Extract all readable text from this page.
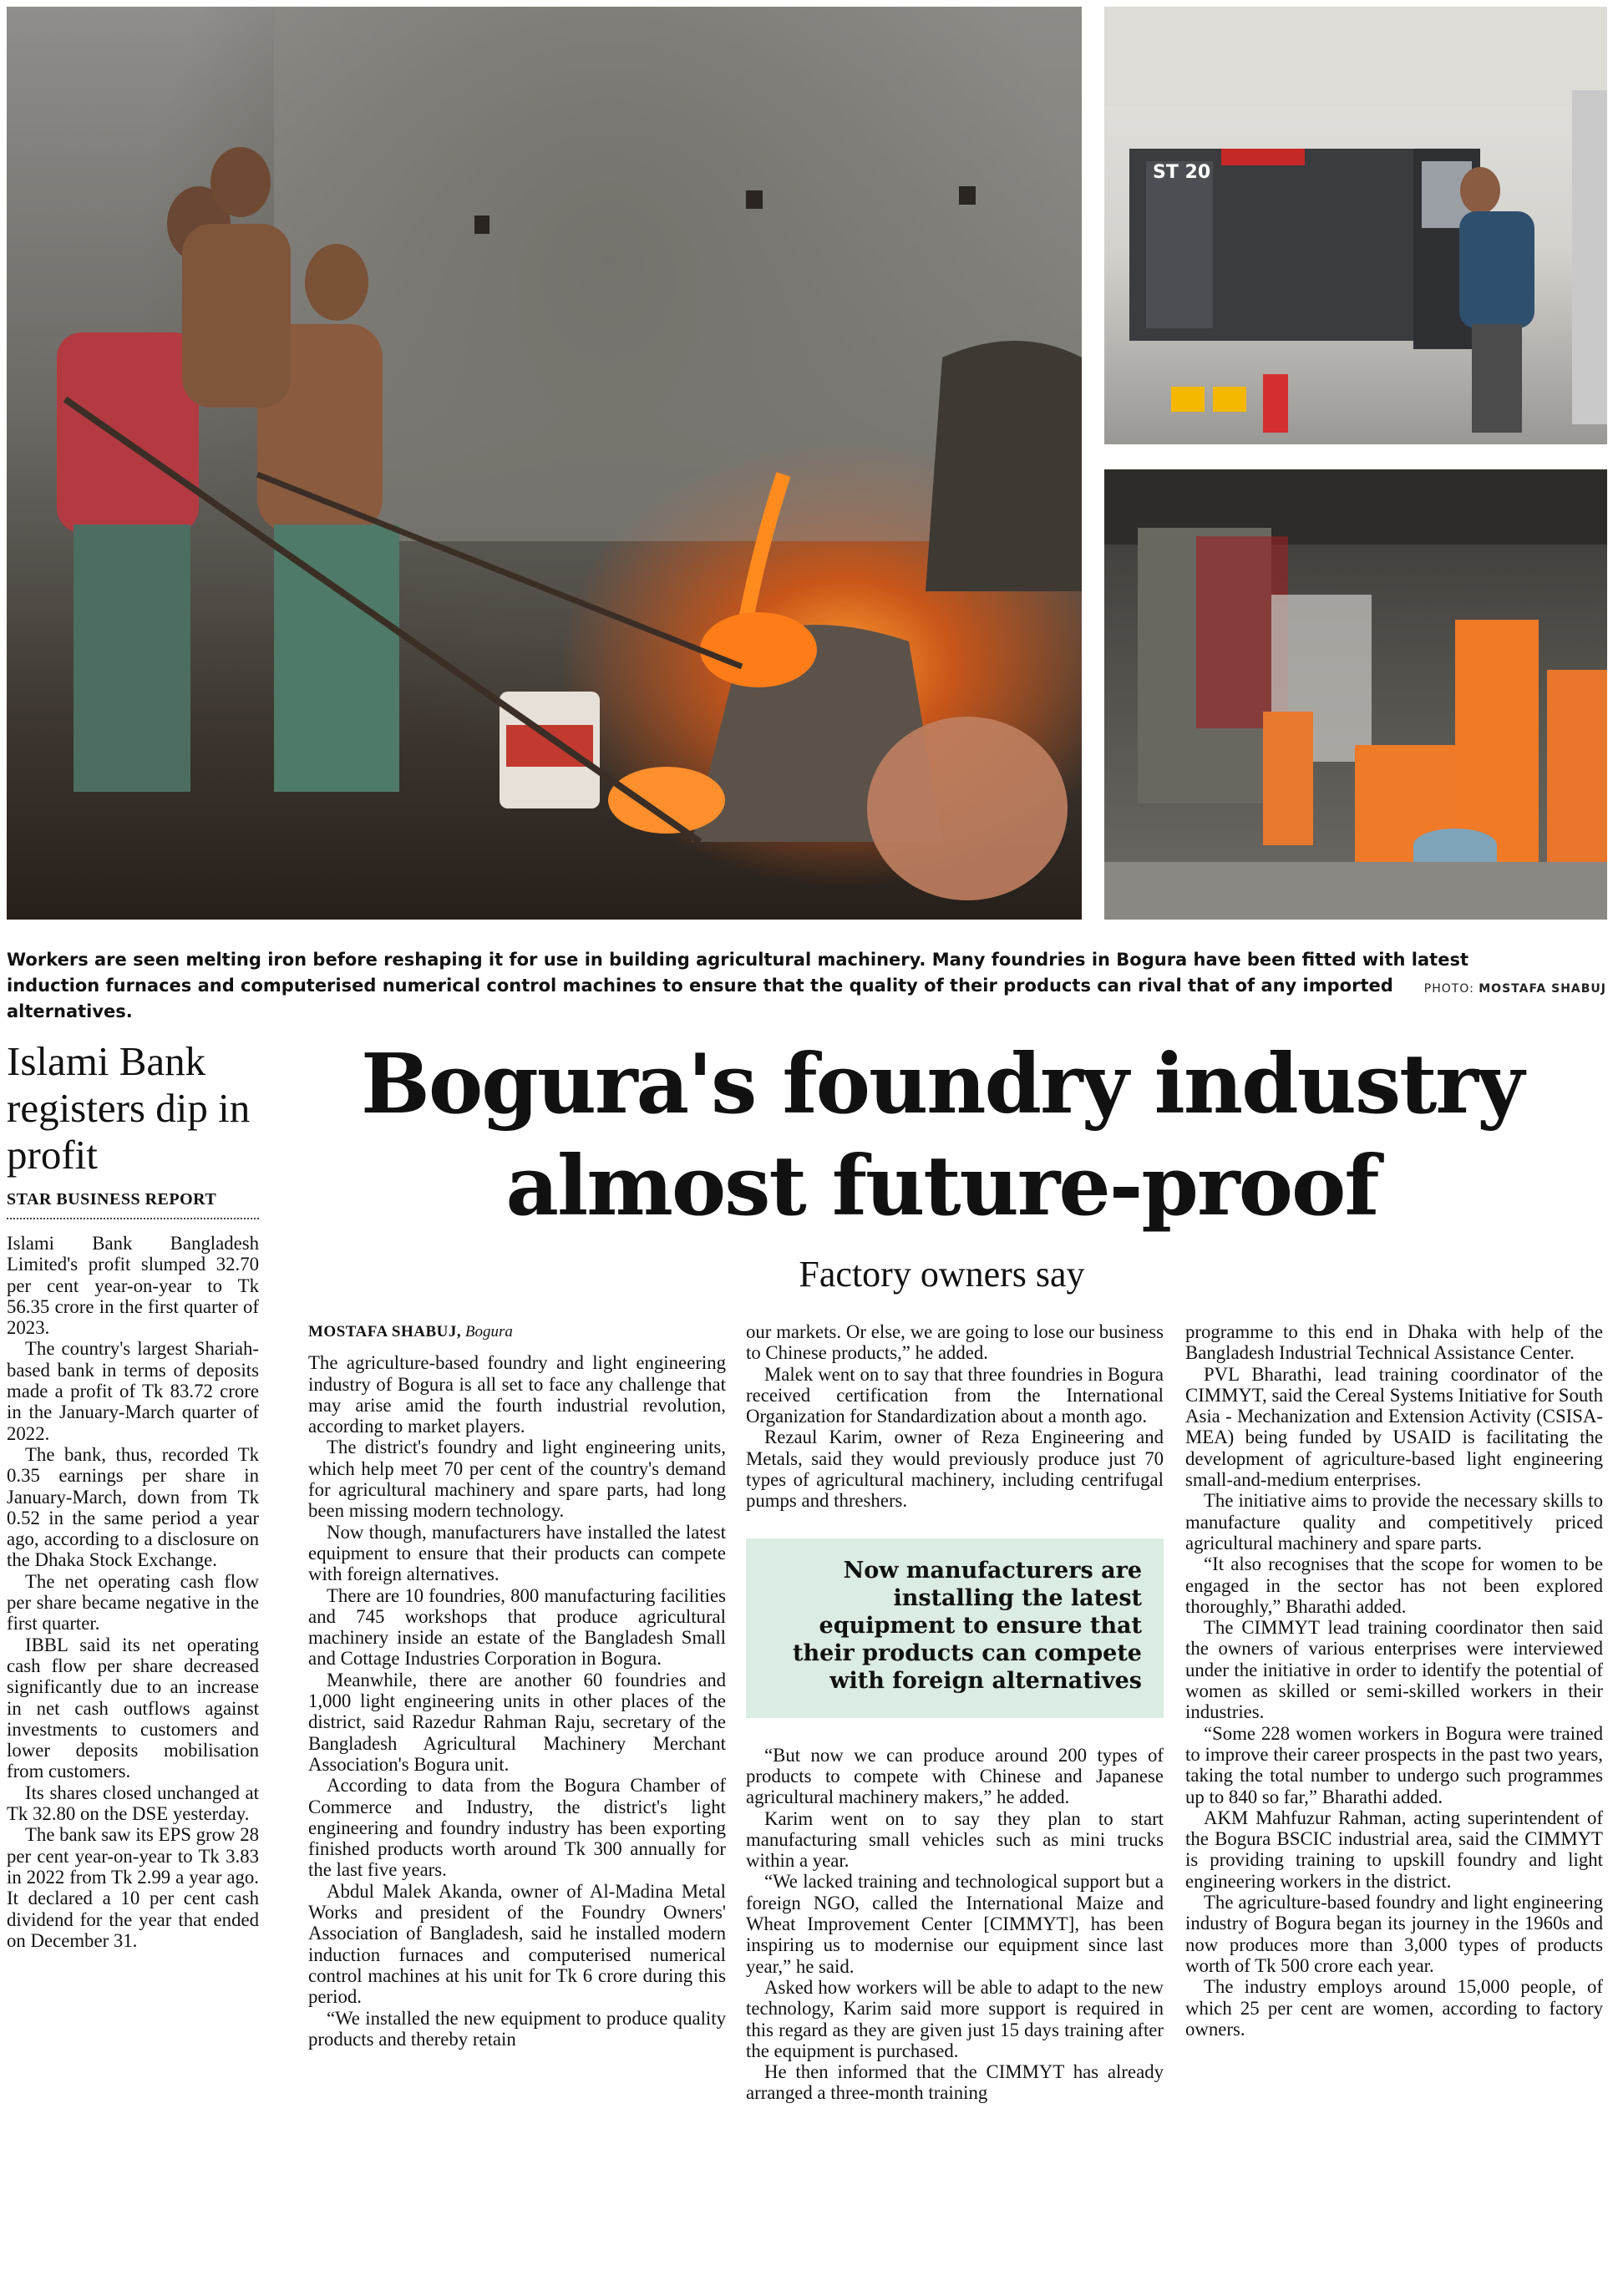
ST 20
Workers are seen melting iron before reshaping it for use in building agricultural machinery. Many foundries in Bogura have been fitted with latest induction furnaces and computerised numerical control machines to ensure that the quality of their products can rival that of any imported alternatives.
PHOTO: MOSTAFA SHABUJ
Islami Bank registers dip in profit
STAR BUSINESS REPORT

Islami Bank Bangladesh Limited's profit slumped 32.70 per cent year-on-year to Tk 56.35 crore in the first quarter of 2023.

The country's largest Shariah-based bank in terms of deposits made a profit of Tk 83.72 crore in the January-March quarter of 2022.

The bank, thus, recorded Tk 0.35 earnings per share in January-March, down from Tk 0.52 in the same period a year ago, according to a disclosure on the Dhaka Stock Exchange.

The net operating cash flow per share became negative in the first quarter.

IBBL said its net operating cash flow per share decreased significantly due to an increase in net cash outflows against investments to customers and lower deposits mobilisation from customers.

Its shares closed unchanged at Tk 32.80 on the DSE yesterday.

The bank saw its EPS grow 28 per cent year-on-year to Tk 3.83 in 2022 from Tk 2.99 a year ago. It declared a 10 per cent cash dividend for the year that ended on December 31.

Bogura's foundry industry
almost future-proof
Factory owners say
MOSTAFA SHABUJ, Bogura

The agriculture-based foundry and light engineering industry of Bogura is all set to face any challenge that may arise amid the fourth industrial revolution, according to market players.

The district's foundry and light engineering units, which help meet 70 per cent of the country's demand for agricultural machinery and spare parts, had long been missing modern technology.

Now though, manufacturers have installed the latest equipment to ensure that their products can compete with foreign alternatives.

There are 10 foundries, 800 manufacturing facilities and 745 workshops that produce agricultural machinery inside an estate of the Bangladesh Small and Cottage Industries Corporation in Bogura.

Meanwhile, there are another 60 foundries and 1,000 light engineering units in other places of the district, said Razedur Rahman Raju, secretary of the Bangladesh Agricultural Machinery Merchant Association's Bogura unit.

According to data from the Bogura Chamber of Commerce and Industry, the district's light engineering and foundry industry has been exporting finished products worth around Tk 300 annually for the last five years.

Abdul Malek Akanda, owner of Al-Madina Metal Works and president of the Foundry Owners' Association of Bangladesh, said he installed modern induction furnaces and computerised numerical control machines at his unit for Tk 6 crore during this period.

“We installed the new equipment to produce quality products and thereby retain

our markets. Or else, we are going to lose our business to Chinese products,” he added.

Malek went on to say that three foundries in Bogura received certification from the International Organization for Standardization about a month ago.

Rezaul Karim, owner of Reza Engineering and Metals, said they would previously produce just 70 types of agricultural machinery, including centrifugal pumps and threshers.

Now manufacturers are installing the latest equipment to ensure that their products can compete with foreign alternatives

“But now we can produce around 200 types of products to compete with Chinese and Japanese agricultural machinery makers,” he added.

Karim went on to say they plan to start manufacturing small vehicles such as mini trucks within a year.

“We lacked training and technological support but a foreign NGO, called the International Maize and Wheat Improvement Center [CIMMYT], has been inspiring us to modernise our equipment since last year,” he said.

Asked how workers will be able to adapt to the new technology, Karim said more support is required in this regard as they are given just 15 days training after the equipment is purchased.

He then informed that the CIMMYT has already arranged a three-month training

programme to this end in Dhaka with help of the Bangladesh Industrial Technical Assistance Center.

PVL Bharathi, lead training coordinator of the CIMMYT, said the Cereal Systems Initiative for South Asia - Mechanization and Extension Activity (CSISA-MEA) being funded by USAID is facilitating the development of agriculture-based light engineering small-and-medium enterprises.

The initiative aims to provide the necessary skills to manufacture quality and competitively priced agricultural machinery and spare parts.

“It also recognises that the scope for women to be engaged in the sector has not been explored thoroughly,” Bharathi added.

The CIMMYT lead training coordinator then said the owners of various enterprises were interviewed under the initiative in order to identify the potential of women as skilled or semi-skilled workers in their industries.

“Some 228 women workers in Bogura were trained to improve their career prospects in the past two years, taking the total number to undergo such programmes up to 840 so far,” Bharathi added.

AKM Mahfuzur Rahman, acting superintendent of the Bogura BSCIC industrial area, said the CIMMYT is providing training to upskill foundry and light engineering workers in the district.

The agriculture-based foundry and light engineering industry of Bogura began its journey in the 1960s and now produces more than 3,000 types of products worth of Tk 500 crore each year.

The industry employs around 15,000 people, of which 25 per cent are women, according to factory owners.
